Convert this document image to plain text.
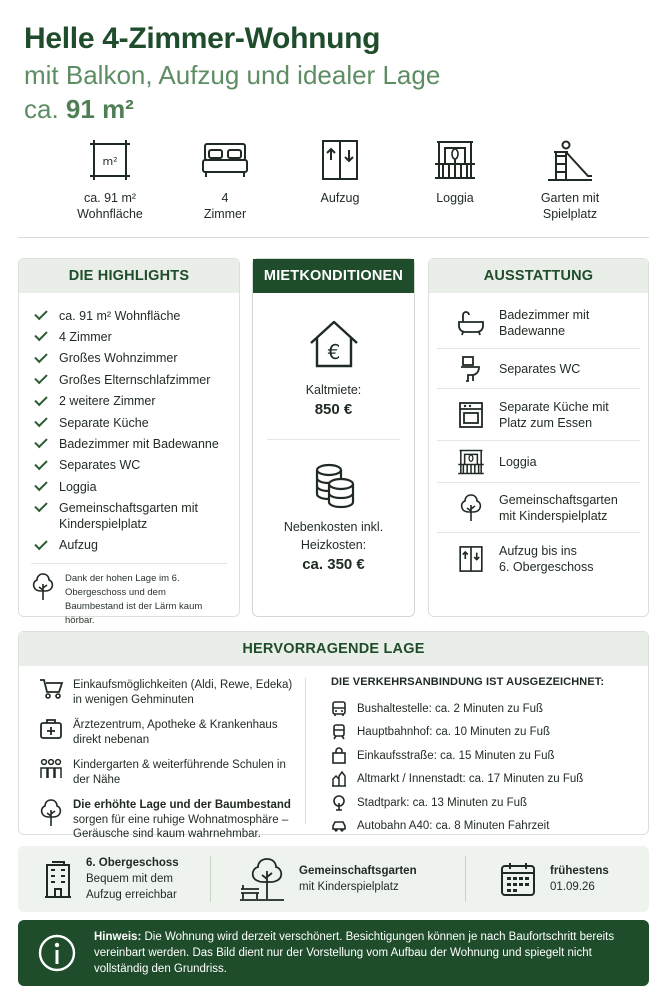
Helle 4-Zimmer-Wohnung
mit Balkon, Aufzug und idealer Lage
ca. 91 m²
m²
ca. 91 m²
Wohnfläche
4
Zimmer
Aufzug	Loggia	Garten mit
Spielplatz
DIE HIGHLIGHTS
ca. 91 m² Wohnfläche
4 Zimmer
Großes Wohnzimmer
Großes Elternschlafzimmer
2 weitere Zimmer
Separate Küche
Badezimmer mit Badewanne
Separates WC
Loggia
Gemeinschaftsgarten mit Kinderspielplatz
Aufzug

Dank der hohen Lage im 6. Obergeschoss und dem Baumbestand ist der Lärm kaum hörbar.

MIETKONDITIONEN
€
Kaltmiete:
850 €
Nebenkosten inkl.
Heizkosten:
ca. 350 €
AUSSTATTUNG
Badezimmer mit
Badewanne
Separates WC
Separate Küche mit
Platz zum Essen
Loggia
Gemeinschaftsgarten
mit Kinderspielplatz
Aufzug bis ins
6. Obergeschoss
HERVORRAGENDE LAGE
Einkaufsmöglichkeiten (Aldi, Rewe, Edeka) in wenigen Gehminuten
Ärztezentrum, Apotheke & Krankenhaus direkt nebenan
Kindergarten & weiterführende Schulen in der Nähe
Die erhöhte Lage und der Baumbestand sorgen für eine ruhige Wohnatmosphäre – Geräusche sind kaum wahrnehmbar.
DIE VERKEHRSANBINDUNG IST AUSGEZEICHNET:
Bushaltestelle: ca. 2 Minuten zu Fuß
Hauptbahnhof: ca. 10 Minuten zu Fuß
Einkaufsstraße: ca. 15 Minuten zu Fuß
Altmarkt / Innenstadt: ca. 17 Minuten zu Fuß
Stadtpark: ca. 13 Minuten zu Fuß
Autobahn A40: ca. 8 Minuten Fahrzeit
6. Obergeschoss
Bequem mit dem
Aufzug erreichbar
Gemeinschaftsgarten
mit Kinderspielplatz
frühestens
01.09.26

Hinweis: Die Wohnung wird derzeit verschönert. Besichtigungen können je nach Baufortschritt bereits vereinbart werden. Das Bild dient nur der Vorstellung vom Aufbau der Wohnung und spiegelt nicht vollständig den Grundriss.
